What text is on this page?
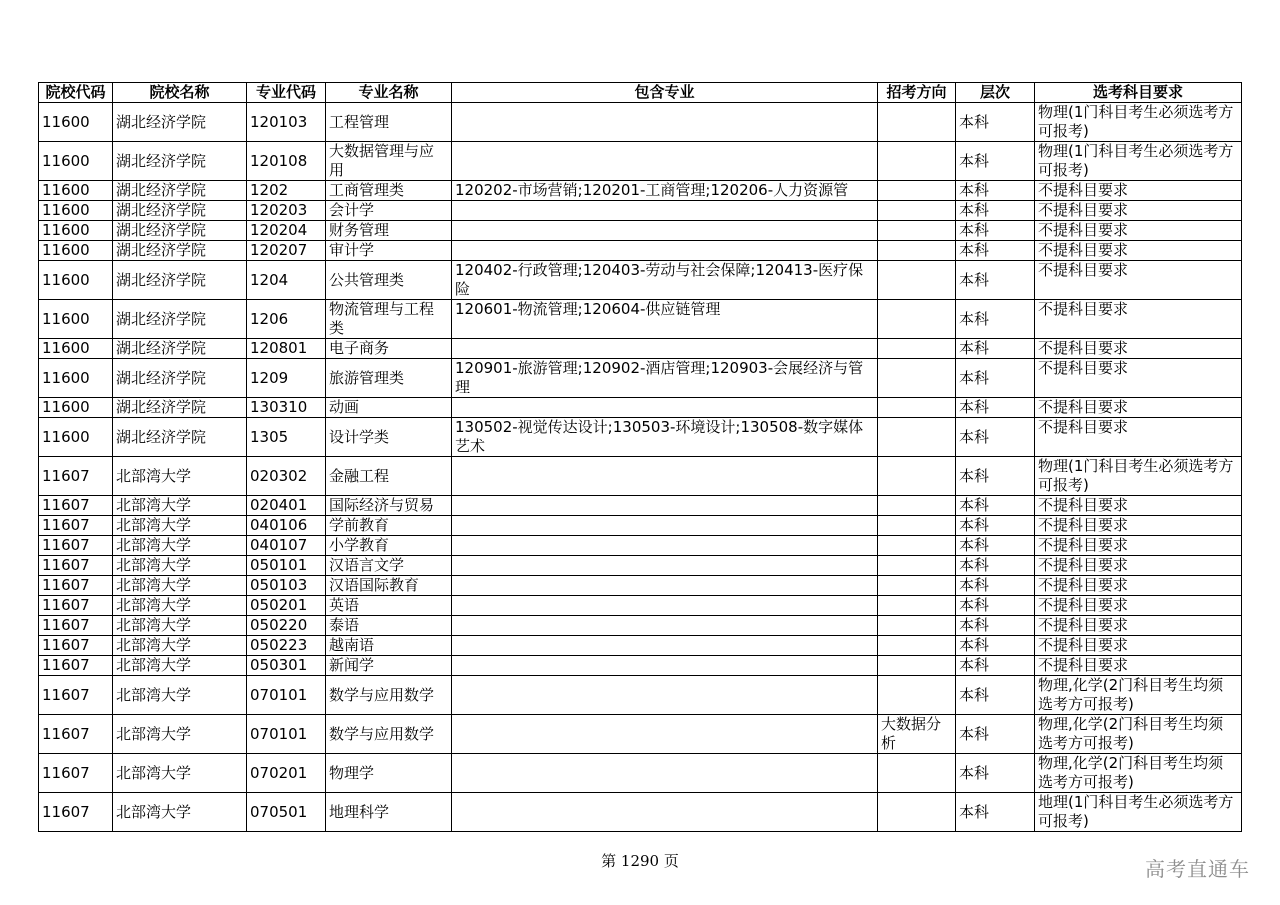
院校代码	院校名称	专业代码	专业名称	包含专业	招考方向	层次	选考科目要求
11600	湖北经济学院	120103	工程管理			本科	物理(1门科目考生必须选考方可报考)
11600	湖北经济学院	120108	大数据管理与应用			本科	物理(1门科目考生必须选考方可报考)
11600	湖北经济学院	1202	工商管理类	120202-市场营销;120201-工商管理;120206-人力资源管		本科	不提科目要求
11600	湖北经济学院	120203	会计学			本科	不提科目要求
11600	湖北经济学院	120204	财务管理			本科	不提科目要求
11600	湖北经济学院	120207	审计学			本科	不提科目要求
11600	湖北经济学院	1204	公共管理类	120402-行政管理;120403-劳动与社会保障;120413-医疗保险		本科	不提科目要求
11600	湖北经济学院	1206	物流管理与工程类	120601-物流管理;120604-供应链管理		本科	不提科目要求
11600	湖北经济学院	120801	电子商务			本科	不提科目要求
11600	湖北经济学院	1209	旅游管理类	120901-旅游管理;120902-酒店管理;120903-会展经济与管理		本科	不提科目要求
11600	湖北经济学院	130310	动画			本科	不提科目要求
11600	湖北经济学院	1305	设计学类	130502-视觉传达设计;130503-环境设计;130508-数字媒体艺术		本科	不提科目要求
11607	北部湾大学	020302	金融工程			本科	物理(1门科目考生必须选考方可报考)
11607	北部湾大学	020401	国际经济与贸易			本科	不提科目要求
11607	北部湾大学	040106	学前教育			本科	不提科目要求
11607	北部湾大学	040107	小学教育			本科	不提科目要求
11607	北部湾大学	050101	汉语言文学			本科	不提科目要求
11607	北部湾大学	050103	汉语国际教育			本科	不提科目要求
11607	北部湾大学	050201	英语			本科	不提科目要求
11607	北部湾大学	050220	泰语			本科	不提科目要求
11607	北部湾大学	050223	越南语			本科	不提科目要求
11607	北部湾大学	050301	新闻学			本科	不提科目要求
11607	北部湾大学	070101	数学与应用数学			本科	物理,化学(2门科目考生均须选考方可报考)
11607	北部湾大学	070101	数学与应用数学		大数据分析	本科	物理,化学(2门科目考生均须选考方可报考)
11607	北部湾大学	070201	物理学			本科	物理,化学(2门科目考生均须选考方可报考)
11607	北部湾大学	070501	地理科学			本科	地理(1门科目考生必须选考方可报考)
第 1290 页	高考直通车
